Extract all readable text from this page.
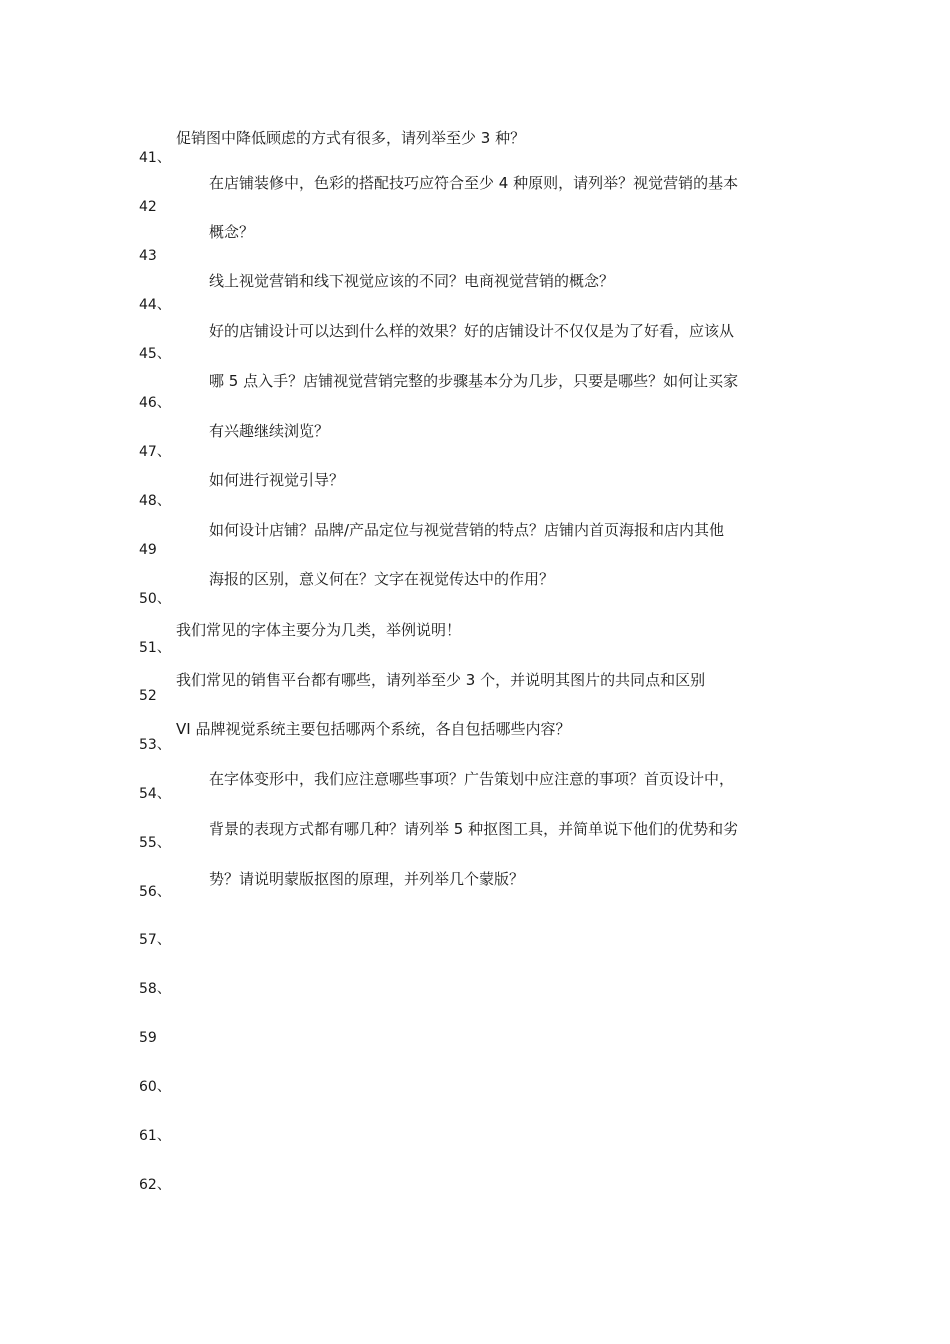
促销图中降低顾虑的方式有很多，请列举至少 3 种？
在店铺装修中，色彩的搭配技巧应符合至少 4 种原则，请列举？视觉营销的基本
概念？
线上视觉营销和线下视觉应该的不同？电商视觉营销的概念？
好的店铺设计可以达到什么样的效果？好的店铺设计不仅仅是为了好看，应该从
哪 5 点入手？店铺视觉营销完整的步骤基本分为几步，只要是哪些？如何让买家
有兴趣继续浏览？
如何进行视觉引导？
如何设计店铺？品牌/产品定位与视觉营销的特点？店铺内首页海报和店内其他
海报的区别，意义何在？文字在视觉传达中的作用？
我们常见的字体主要分为几类，举例说明！
我们常见的销售平台都有哪些，请列举至少 3 个，并说明其图片的共同点和区别
VI 品牌视觉系统主要包括哪两个系统，各自包括哪些内容？
在字体变形中，我们应注意哪些事项？广告策划中应注意的事项？首页设计中，
背景的表现方式都有哪几种？请列举 5 种抠图工具，并简单说下他们的优势和劣
势？请说明蒙版抠图的原理，并列举几个蒙版？
41、
42
43
44、
45、
46、
47、
48、
49
50、
51、
52
53、
54、
55、
56、
57、
58、
59
60、
61、
62、
